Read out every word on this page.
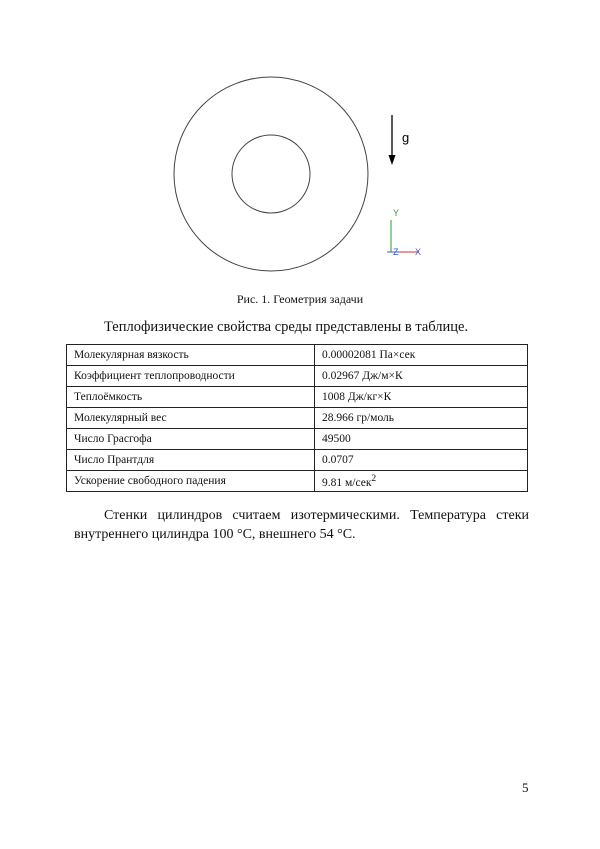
g
Y
Z X
Рис. 1. Геометрия задачи
Теплофизические свойства среды представлены в таблице.
Молекулярная вязкость	0.00002081 Па×сек
Коэффициент теплопроводности	0.02967 Дж/м×К
Теплоёмкость	1008 Дж/кг×К
Молекулярный вес	28.966 гр/моль
Число Грасгофа	49500
Число Прантдля	0.0707
Ускорение свободного падения	9.81 м/сек$^2$
Стенки цилиндров считаем изотермическими. Температура стеки внутреннего цилиндра 100 °С, внешнего 54 °С.
5
